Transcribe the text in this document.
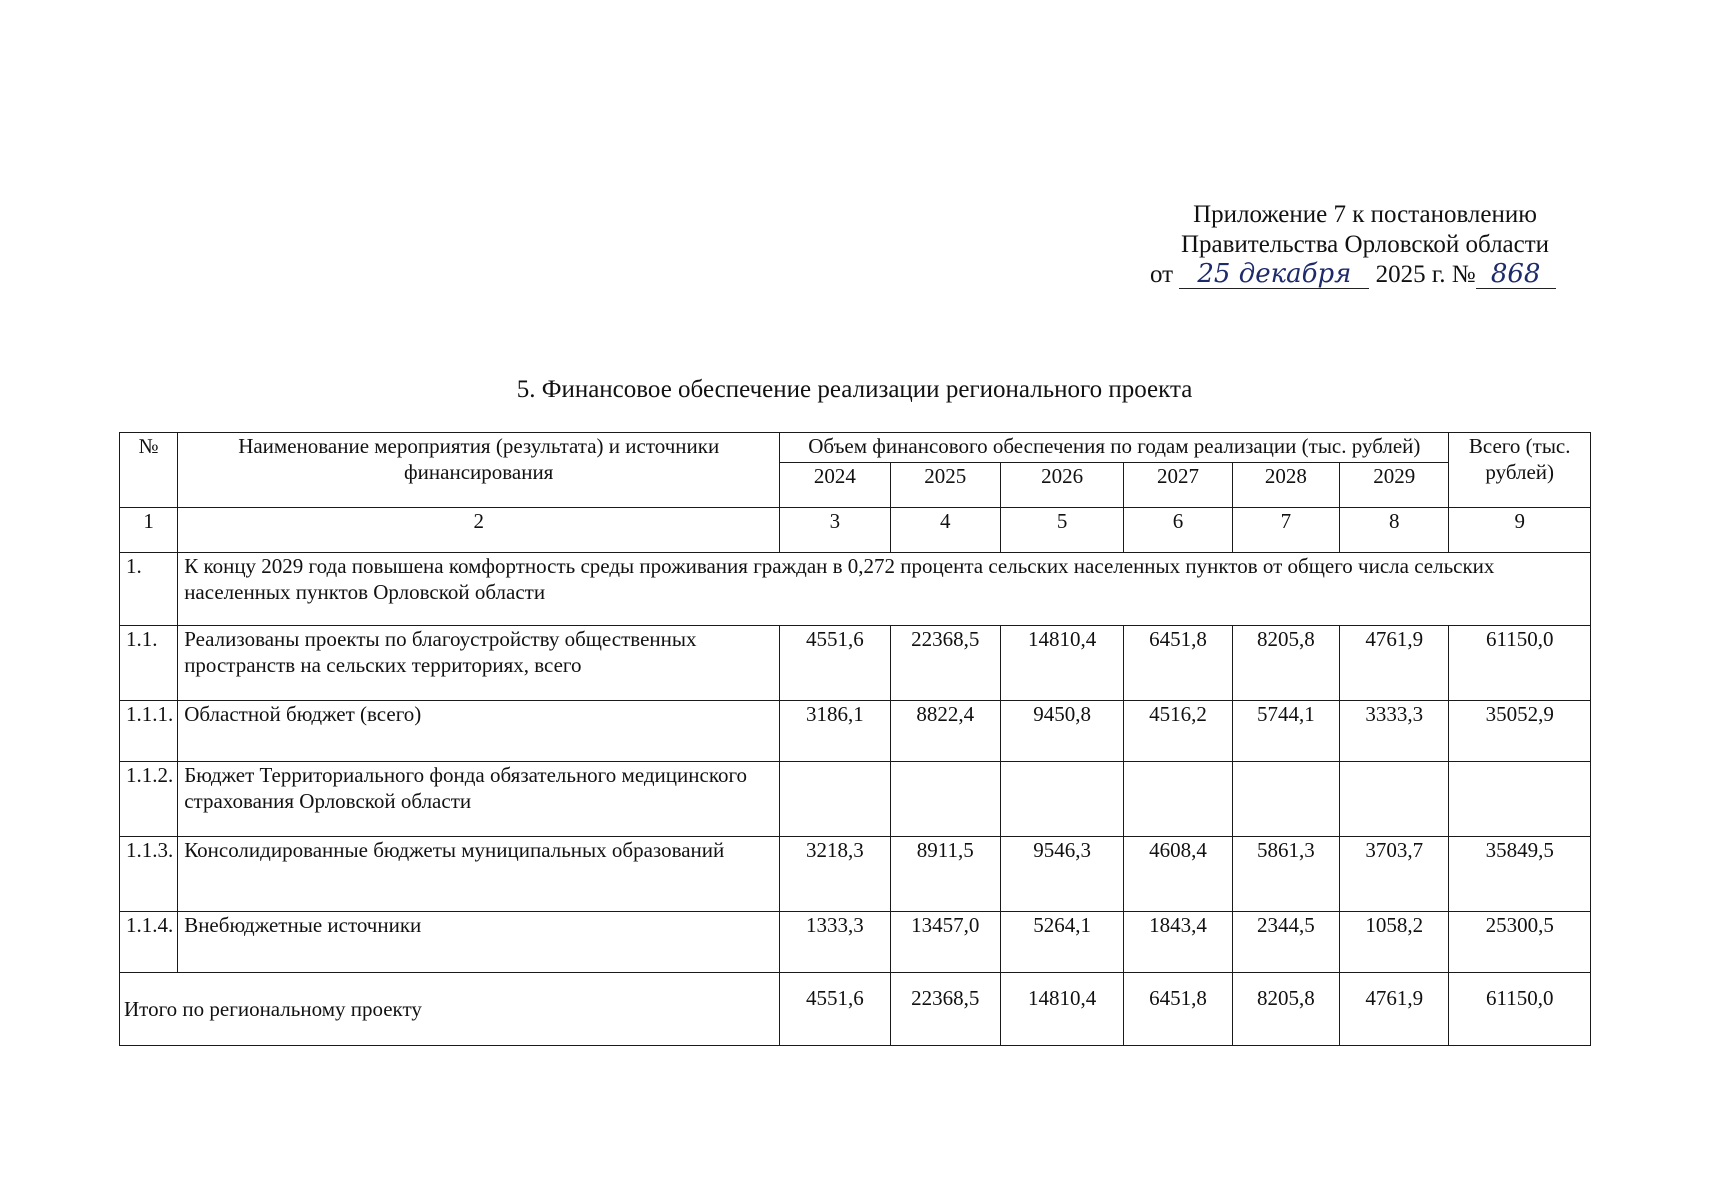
Приложение 7 к постановлению
Правительства Орловской области
от 25 декабря 2025 г. № 868
5. Финансовое обеспечение реализации регионального проекта
№	Наименование мероприятия (результата) и источники финансирования	Объем финансового обеспечения по годам реализации (тыс. рублей)						Всего (тыс. рублей)
		2024	2025	2026	2027	2028	2029	
1	2	3	4	5	6	7	8	9
1.	К концу 2029 года повышена комфортность среды проживания граждан в 0,272 процента сельских населенных пунктов от общего числа сельских населенных пунктов Орловской области							
1.1.	Реализованы проекты по благоустройству общественных пространств на сельских территориях, всего	4551,6	22368,5	14810,4	6451,8	8205,8	4761,9	61150,0
1.1.1.	Областной бюджет (всего)	3186,1	8822,4	9450,8	4516,2	5744,1	3333,3	35052,9
1.1.2.	Бюджет Территориального фонда обязательного медицинского страхования Орловской области							
1.1.3.	Консолидированные бюджеты муниципальных образований	3218,3	8911,5	9546,3	4608,4	5861,3	3703,7	35849,5
1.1.4.	Внебюджетные источники	1333,3	13457,0	5264,1	1843,4	2344,5	1058,2	25300,5
Итого по региональному проекту		4551,6	22368,5	14810,4	6451,8	8205,8	4761,9	61150,0
